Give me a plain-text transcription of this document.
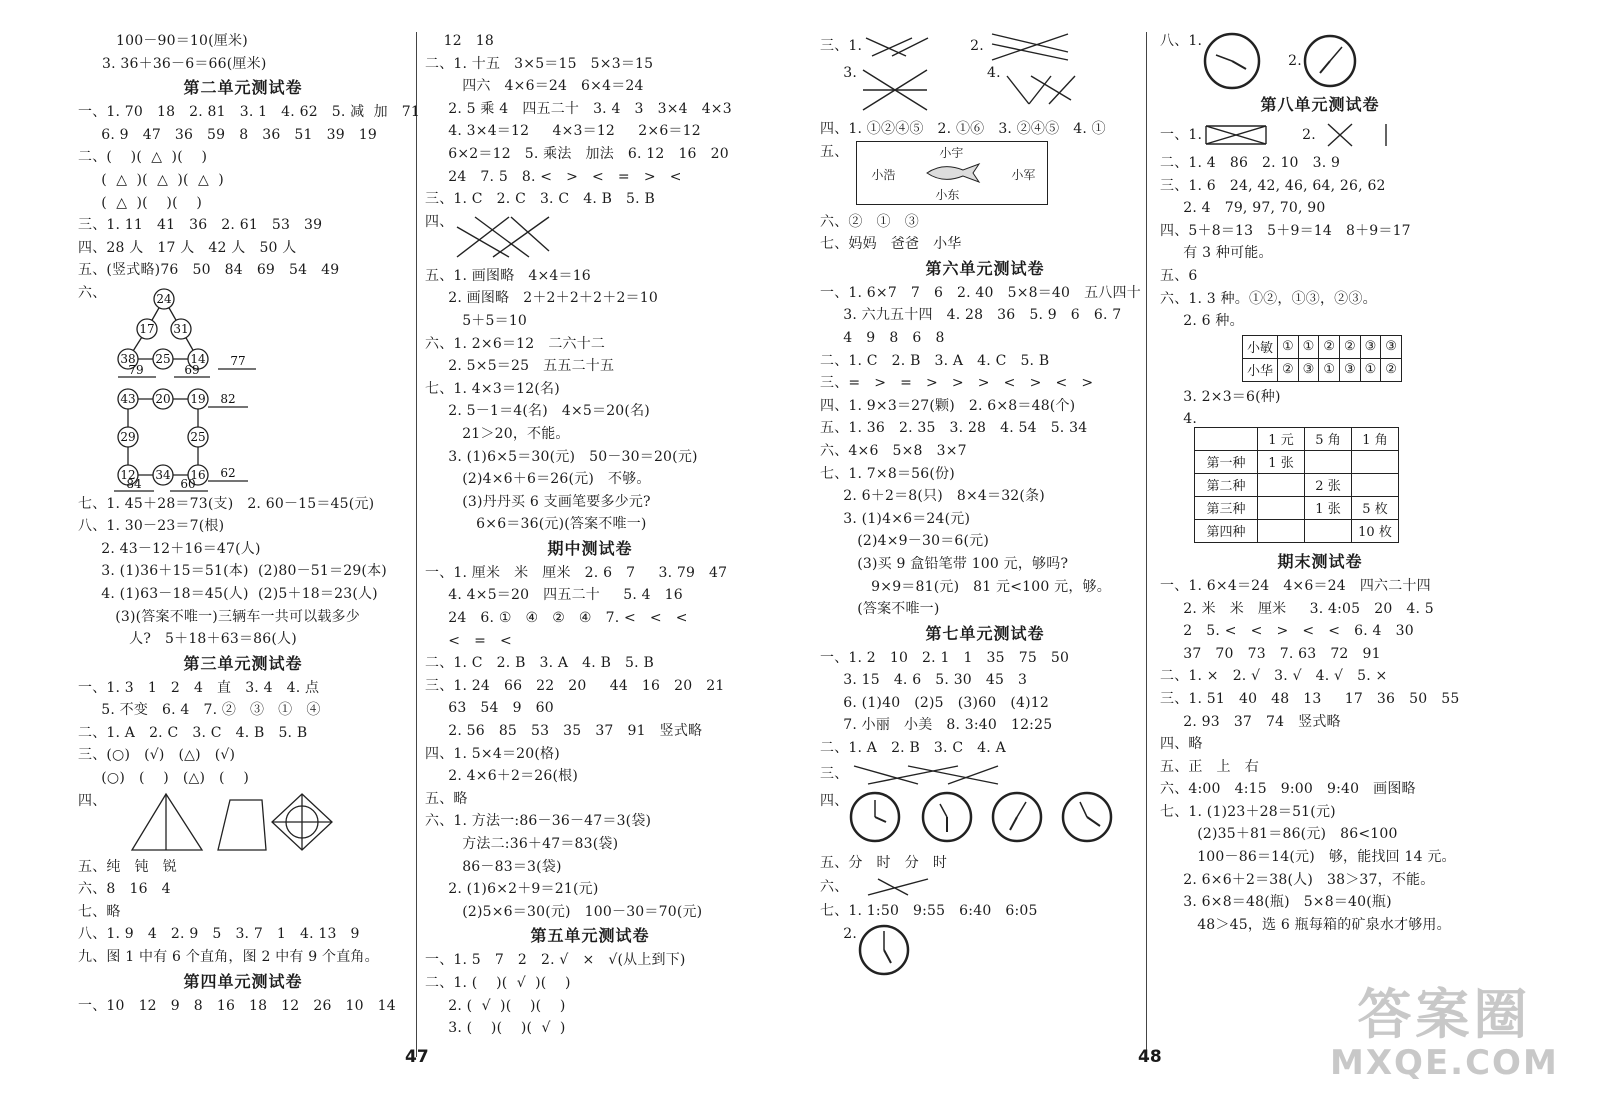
100－90＝10(厘米)
3. 36＋36－6＝66(厘米)
第二单元测试卷
一、1. 70   18   2. 81   3. 1   4. 62   5. 减  加   71
6. 9   47   36   59   8   36   51   39   19
二、(    )(  △  )(    )
(  △  )(  △  )(  △  )
(  △  )(    )(    )
三、1. 11   41   36   2. 61   53   39
四、28 人   17 人   42 人   50 人
五、(竖式略)76   50   84   69   54   49
六、	24
17 31
38 25 14 77
79	69
43 20 19
29	25
12 34 16
82
62
84	60
七、1. 45＋28＝73(支)   2. 60－15＝45(元)
八、1. 30－23＝7(根)
2. 43－12＋16＝47(人)
3. (1)36＋15＝51(本)  (2)80－51＝29(本)
4. (1)63－18＝45(人)  (2)5＋18＝23(人)
(3)(答案不唯一)三辆车一共可以载多少
人?   5＋18＋63＝86(人)
第三单元测试卷
一、1. 3   1   2   4   直   3. 4   4. 点
5. 不变   6. 4   7. ②   ③   ①   ④
二、1. A   2. C   3. C   4. B   5. B
三、(○)   (√)   (△)   (√)
(○)   (    )   (△)   (    )
四、
五、纯   钝   锐
六、8   16   4
七、略
八、1. 9   4   2. 9   5   3. 7   1   4. 13   9
九、图 1 中有 6 个直角，图 2 中有 9 个直角。
第四单元测试卷
一、10   12   9   8   16   18   12   26   10   14
12   18
二、1. 十五   3×5＝15   5×3＝15
四六   4×6＝24   6×4＝24
2. 5 乘 4   四五二十   3. 4   3   3×4   4×3
4. 3×4＝12     4×3＝12     2×6＝12
6×2＝12   5. 乘法   加法   6. 12   16   20
24   7. 5   8. <   >   <   =   >   <
三、1. C   2. C   3. C   4. B   5. B
四、
五、1. 画图略   4×4＝16
2. 画图略   2＋2＋2＋2＋2＝10
5＋5＝10
六、1. 2×6＝12   二六十二
2. 5×5＝25   五五二十五
七、1. 4×3＝12(名)
2. 5－1＝4(名)   4×5＝20(名)
21＞20，不能。
3. (1)6×5＝30(元)   50－30＝20(元)
(2)4×6＋6＝26(元)   不够。
(3)丹丹买 6 支画笔要多少元?
6×6＝36(元)(答案不唯一)
期中测试卷
一、1. 厘米   米   厘米   2. 6   7     3. 79   47
4. 4×5＝20   四五二十     5. 4   16
24   6. ①   ④   ②   ④   7. <   <   <
<   =   <
二、1. C   2. B   3. A   4. B   5. B
三、1. 24   66   22   20     44   16   20   21
63   54   9   60
2. 56   85   53   35   37   91   竖式略
四、1. 5×4＝20(格)
2. 4×6＋2＝26(根)
五、略
六、1. 方法一:86－36－47＝3(袋)
方法二:36＋47＝83(袋)
86－83＝3(袋)
2. (1)6×2＋9＝21(元)
(2)5×6＝30(元)   100－30＝70(元)
第五单元测试卷
一、1. 5   7   2   2. √   ×   √(从上到下)
二、1. (    )(  √  )(    )
2. (  √  )(    )(    )
3. (    )(    )(  √  )
三、1.	2.
3.	4.
四、1. ①②④⑤   2. ①⑥   3. ②④⑤   4. ①
五、	小宇
小浩	小军
小东
六、②   ①   ③
七、妈妈   爸爸   小华
第六单元测试卷
一、1. 6×7   7   6   2. 40   5×8＝40   五八四十
3. 六九五十四   4. 28   36   5. 9   6   6. 7
4   9   8   6   8
二、1. C   2. B   3. A   4. C   5. B
三、=   >   =   >   >   >   <   >   <   >
四、1. 9×3＝27(颗)   2. 6×8＝48(个)
五、1. 36   2. 35   3. 28   4. 54   5. 34
六、4×6   5×8   3×7
七、1. 7×8＝56(份)
2. 6＋2＝8(只)   8×4＝32(条)
3. (1)4×6＝24(元)
(2)4×9－30＝6(元)
(3)买 9 盒铅笔带 100 元，够吗?
9×9＝81(元)   81 元<100 元，够。
(答案不唯一)
第七单元测试卷
一、1. 2   10   2. 1   1   35   75   50
3. 15   4. 6   5. 30   45   3
6. (1)40   (2)5   (3)60   (4)12
7. 小丽   小美   8. 3:40   12:25
二、1. A   2. B   3. C   4. A
三、
四、
五、分   时   分   时
六、
七、1. 1:50   9:55   6:40   6:05
2.
八、1.
2.
第八单元测试卷
一、1.	2.
二、1. 4   86   2. 10   3. 9
三、1. 6   24, 42, 46, 64, 26, 62
2. 4   79, 97, 70, 90
四、5＋8＝13   5＋9＝14   8＋9＝17
有 3 种可能。
五、6
六、1. 3 种。①②，①③，②③。
2. 6 种。
小敏	①	①	②	②	③	③
小华	②	③	①	③	①	②
3. 2×3＝6(种)
4.
	1 元	5 角	1 角
第一种	1 张		
第二种		2 张	
第三种		1 张	5 枚
第四种			10 枚
期末测试卷
一、1. 6×4＝24   4×6＝24   四六二十四
2. 米   米   厘米     3. 4:05   20   4. 5
2   5. <   <   >   <   <   6. 4   30
37   70   73   7. 63   72   91
二、1. ×   2. √   3. √   4. √   5. ×
三、1. 51   40   48   13     17   36   50   55
2. 93   37   74   竖式略
四、略
五、正   上   右
六、4:00   4:15   9:00   9:40   画图略
七、1. (1)23＋28＝51(元)
(2)35＋81＝86(元)   86<100
100－86＝14(元)   够，能找回 14 元。
2. 6×6＋2＝38(人)   38＞37，不能。
3. 6×8＝48(瓶)   5×8＝40(瓶)
48＞45，选 6 瓶每箱的矿泉水才够用。
47	48
答案圈
MXQE.COM
